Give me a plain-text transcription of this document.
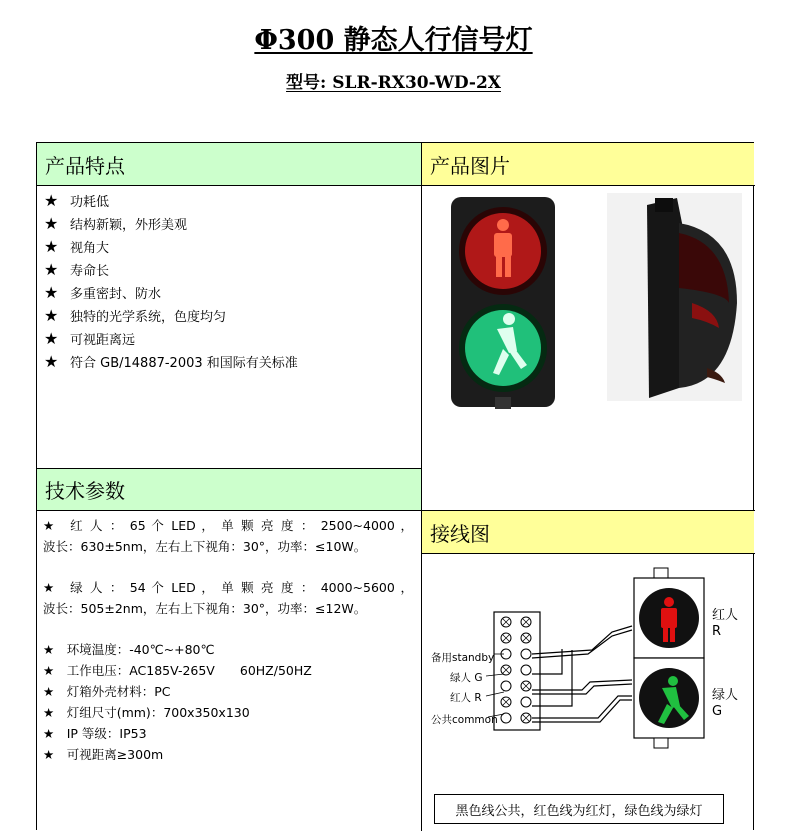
Φ300 静态人行信号灯
型号: SLR-RX30-WD-2X
产品特点	产品图片
★ 功耗低
★ 结构新颖，外形美观
★ 视角大
★ 寿命长
★ 多重密封、防水
★ 独特的光学系统，色度均匀
★ 可视距离远
★ 符合 GB/14887-2003 和国际有关标准
技术参数

★　红 人 ： 65 个 LED ， 单 颗 亮 度 ： 2500~4000 ，

波长：630±5nm，左右上下视角：30°，功率：≤10W。

★　绿 人 ： 54 个 LED ， 单 颗 亮 度 ： 4000~5600 ，

波长：505±2nm，左右上下视角：30°，功率：≤12W。

★　环境温度：-40℃~+80℃
★　工作电压：AC185V-265V　　60HZ/50HZ
★　灯箱外壳材料：PC
★　灯组尺寸(mm)：700x350x130
★　IP 等级：IP53
★　可视距离≥300m
接线图
备用standby
绿人 G
红人 R
公共common
红人
R
绿人
G
黑色线公共，红色线为红灯，绿色线为绿灯
